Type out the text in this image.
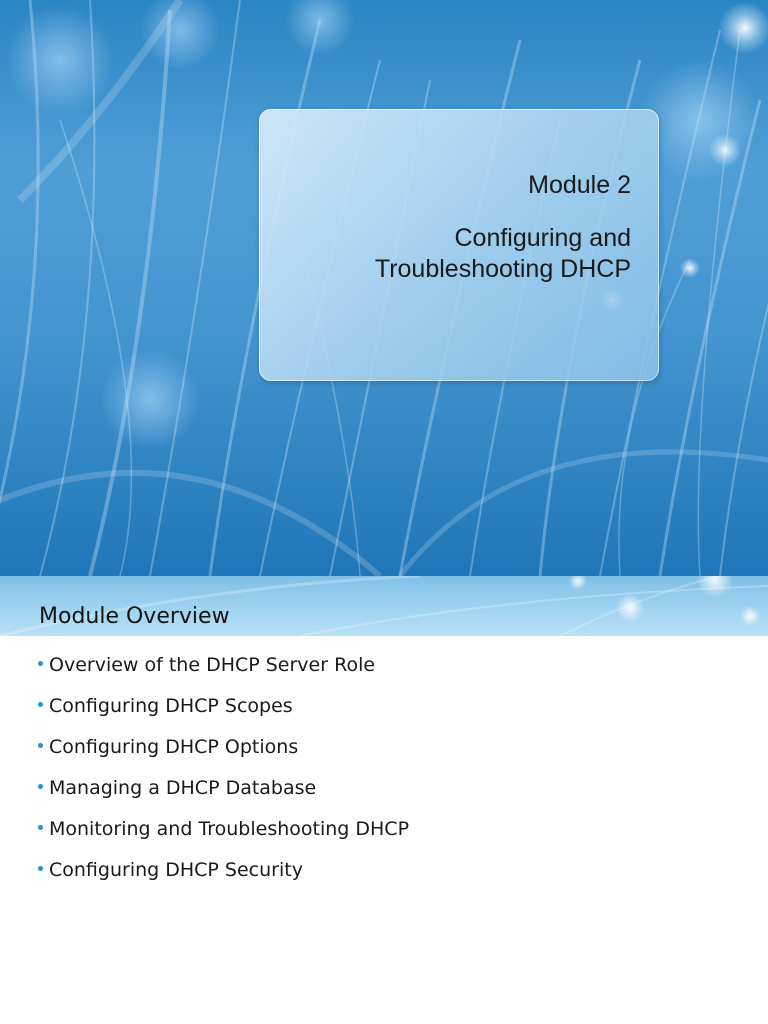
Module 2
Configuring and Troubleshooting DHCP
Module Overview
Overview of the DHCP Server Role
Configuring DHCP Scopes
Configuring DHCP Options
Managing a DHCP Database
Monitoring and Troubleshooting DHCP
Configuring DHCP Security
